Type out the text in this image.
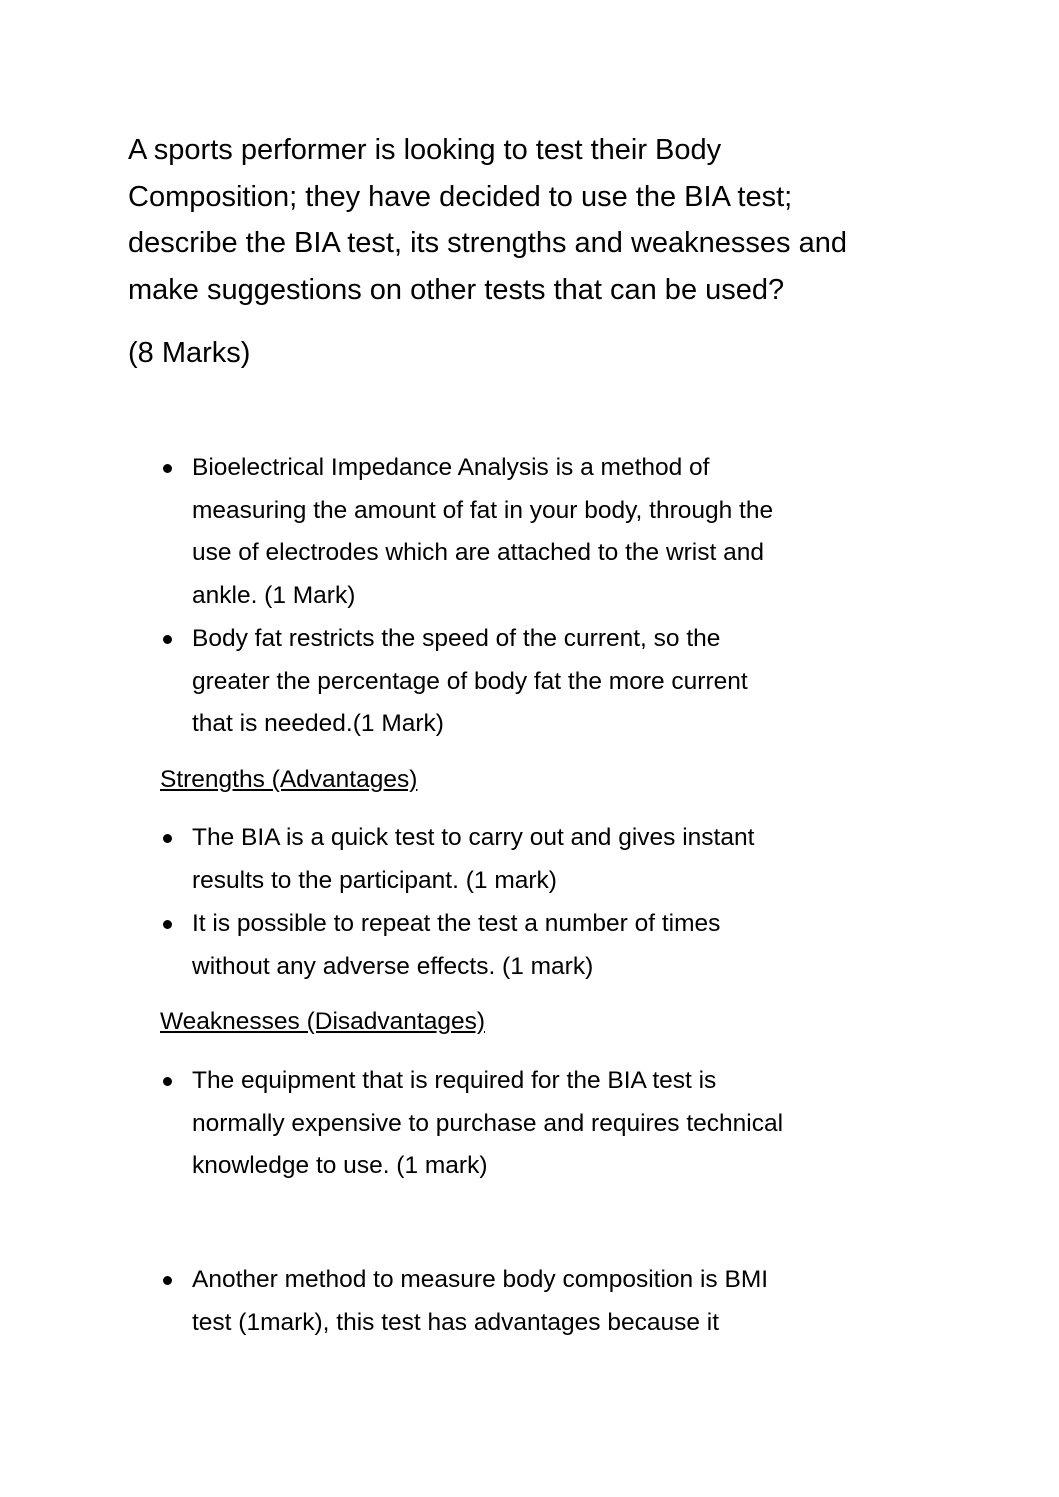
A sports performer is looking to test their Body
Composition; they have decided to use the BIA test;
describe the BIA test, its strengths and weaknesses and
make suggestions on other tests that can be used?
(8 Marks)
Bioelectrical Impedance Analysis is a method of
measuring the amount of fat in your body, through the
use of electrodes which are attached to the wrist and
ankle. (1 Mark)
Body fat restricts the speed of the current, so the
greater the percentage of body fat the more current
that is needed.(1 Mark)
Strengths (Advantages)
The BIA is a quick test to carry out and gives instant
results to the participant. (1 mark)
It is possible to repeat the test a number of times
without any adverse effects. (1 mark)
Weaknesses (Disadvantages)
The equipment that is required for the BIA test is
normally expensive to purchase and requires technical
knowledge to use. (1 mark)
Another method to measure body composition is BMI
test (1mark), this test has advantages because it
